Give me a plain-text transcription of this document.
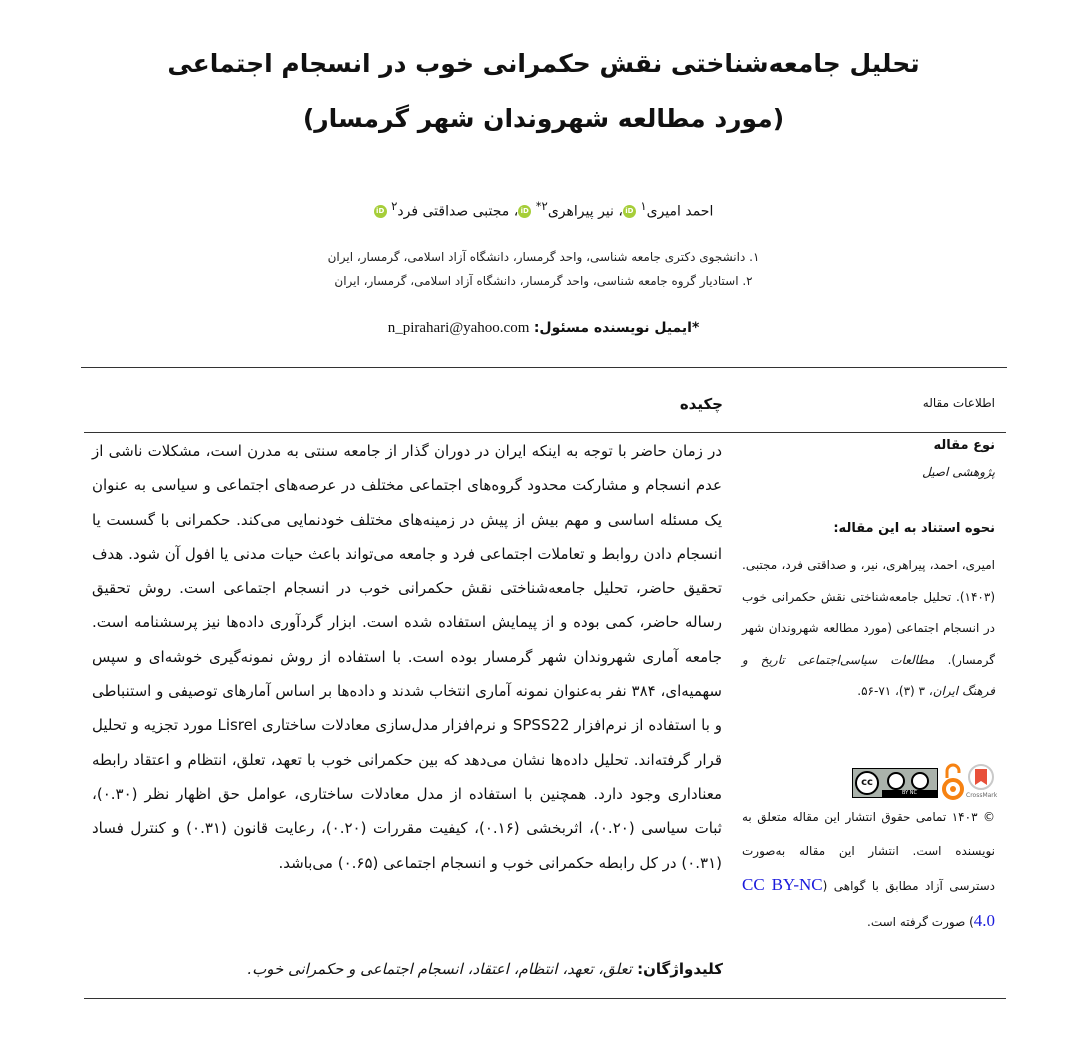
تحلیل جامعه‌شناختی نقش حکمرانی خوب در انسجام اجتماعی
(مورد مطالعه شهروندان شهر گرمسار)
احمد امیری$^۱$ iD، نیر پیراهری$^{۲*}$ iD، مجتبی صداقتی فرد$^۲$ iD
۱. دانشجوی دکتری جامعه شناسی، واحد گرمسار، دانشگاه آزاد اسلامی، گرمسار، ایران
۲. استادیار گروه جامعه شناسی، واحد گرمسار، دانشگاه آزاد اسلامی، گرمسار، ایران
n_pirahari@yahoo.com *ایمیل نویسنده مسئول:
اطلاعات مقاله
چکیده
نوع مقاله
پژوهشی اصیل
نحوه استناد به این مقاله:
امیری، احمد، پیراهری، نیر، و صداقتی فرد، مجتبی. (۱۴۰۳). تحلیل جامعه‌شناختی نقش حکمرانی خوب در انسجام اجتماعی (مورد مطالعه شهروندان شهر گرمسار). مطالعات سیاسی‌اجتماعی تاریخ و فرهنگ ایران، ۳ (۳)، ۷۱-۵۶.
cc
BY NC	CrossMark
© ۱۴۰۳ تمامی حقوق انتشار این مقاله متعلق به نویسنده است. انتشار این مقاله به‌صورت دسترسی آزاد مطابق با گواهی (CC BY-NC 4.0) صورت گرفته است.
در زمان حاضر با توجه به اینکه ایران در دوران گذار از جامعه سنتی به مدرن است، مشکلات ناشی از عدم انسجام و مشارکت محدود گروه‌های اجتماعی مختلف در عرصه‌های اجتماعی و سیاسی به عنوان یک مسئله اساسی و مهم بیش از پیش در زمینه‌های مختلف خودنمایی می‌کند. حکمرانی با گسست یا انسجام دادن روابط و تعاملات اجتماعی فرد و جامعه می‌تواند باعث حیات مدنی یا افول آن شود. هدف تحقیق حاضر، تحلیل جامعه‌شناختی نقش حکمرانی خوب در انسجام اجتماعی است. روش تحقیق رساله حاضر، کمی بوده و از پیمایش استفاده شده است. ابزار گردآوری داده‌ها نیز پرسشنامه است. جامعه آماری شهروندان شهر گرمسار بوده است. با استفاده از روش نمونه‌گیری خوشه‌ای و سپس سهمیه‌ای، ۳۸۴ نفر به‌عنوان نمونه آماری انتخاب شدند و داده‌ها بر اساس آمارهای توصیفی و استنباطی و با استفاده از نرم‌افزار SPSS22 و نرم‌افزار مدل‌سازی معادلات ساختاری Lisrel مورد تجزیه و تحلیل قرار گرفته‌اند. تحلیل داده‌ها نشان می‌دهد که بین حکمرانی خوب با تعهد، تعلق، انتظام و اعتقاد رابطه معناداری وجود دارد. همچنین با استفاده از مدل معادلات ساختاری، عوامل حق اظهار نظر (۰.۳۰)، ثبات سیاسی (۰.۲۰)، اثربخشی (۰.۱۶)، کیفیت مقررات (۰.۲۰)، رعایت قانون (۰.۳۱) و کنترل فساد (۰.۳۱) در کل رابطه حکمرانی خوب و انسجام اجتماعی (۰.۶۵) می‌باشد.
کلیدواژگان: تعلق، تعهد، انتظام، اعتقاد، انسجام اجتماعی و حکمرانی خوب.
